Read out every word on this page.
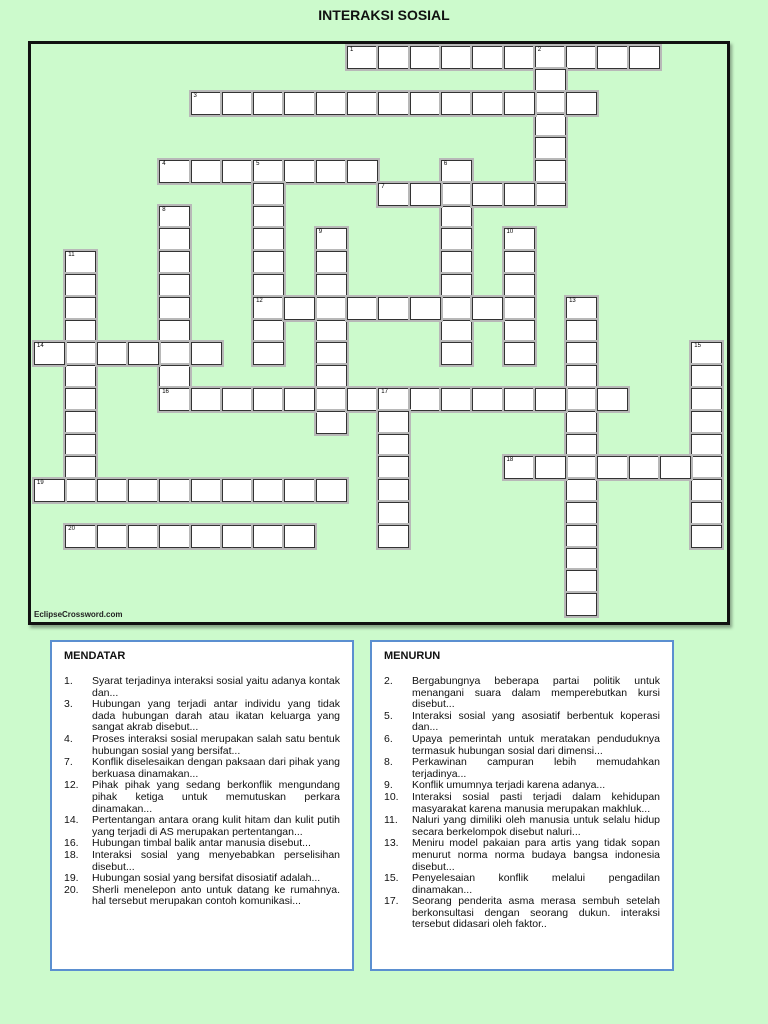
INTERAKSI SOSIAL
EclipseCrossword.com
1	2
3
4	5
12
6
7
8
9	10
11
13
14	15
16	17
18
19
20
MENDATAR
1.	Syarat terjadinya interaksi sosial yaitu adanya kontak dan...
3.	Hubungan yang terjadi antar individu yang tidak dada hubungan darah atau ikatan keluarga yang sangat akrab disebut...
4.	Proses interaksi sosial merupakan salah satu bentuk hubungan sosial yang bersifat...
7.	Konflik diselesaikan dengan paksaan dari pihak yang berkuasa dinamakan...
12.	Pihak pihak yang sedang berkonflik mengundang pihak ketiga untuk memutuskan perkara dinamakan...
14.	Pertentangan antara orang kulit hitam dan kulit putih yang terjadi di AS merupakan pertentangan...
16.	Hubungan timbal balik antar manusia disebut...
18.	Interaksi sosial yang menyebabkan perselisihan disebut...
19.	Hubungan sosial yang bersifat disosiatif adalah...
20.	Sherli menelepon anto untuk datang ke rumahnya. hal tersebut merupakan contoh komunikasi...
MENURUN
2.	Bergabungnya beberapa partai politik untuk menangani suara dalam memperebutkan kursi disebut...
5.	Interaksi sosial yang asosiatif berbentuk koperasi dan...
6.	Upaya pemerintah untuk meratakan penduduknya termasuk hubungan sosial dari dimensi...
8.	Perkawinan campuran lebih memudahkan terjadinya...
9.	Konflik umumnya terjadi karena adanya...
10.	Interaksi sosial pasti terjadi dalam kehidupan masyarakat karena manusia merupakan makhluk...
11.	Naluri yang dimiliki oleh manusia untuk selalu hidup secara berkelompok disebut naluri...
13.	Meniru model pakaian para artis yang tidak sopan menurut norma norma budaya bangsa indonesia disebut...
15.	Penyelesaian konflik melalui pengadilan dinamakan...
17.	Seorang penderita asma merasa sembuh setelah berkonsultasi dengan seorang dukun. interaksi tersebut didasari oleh faktor..
